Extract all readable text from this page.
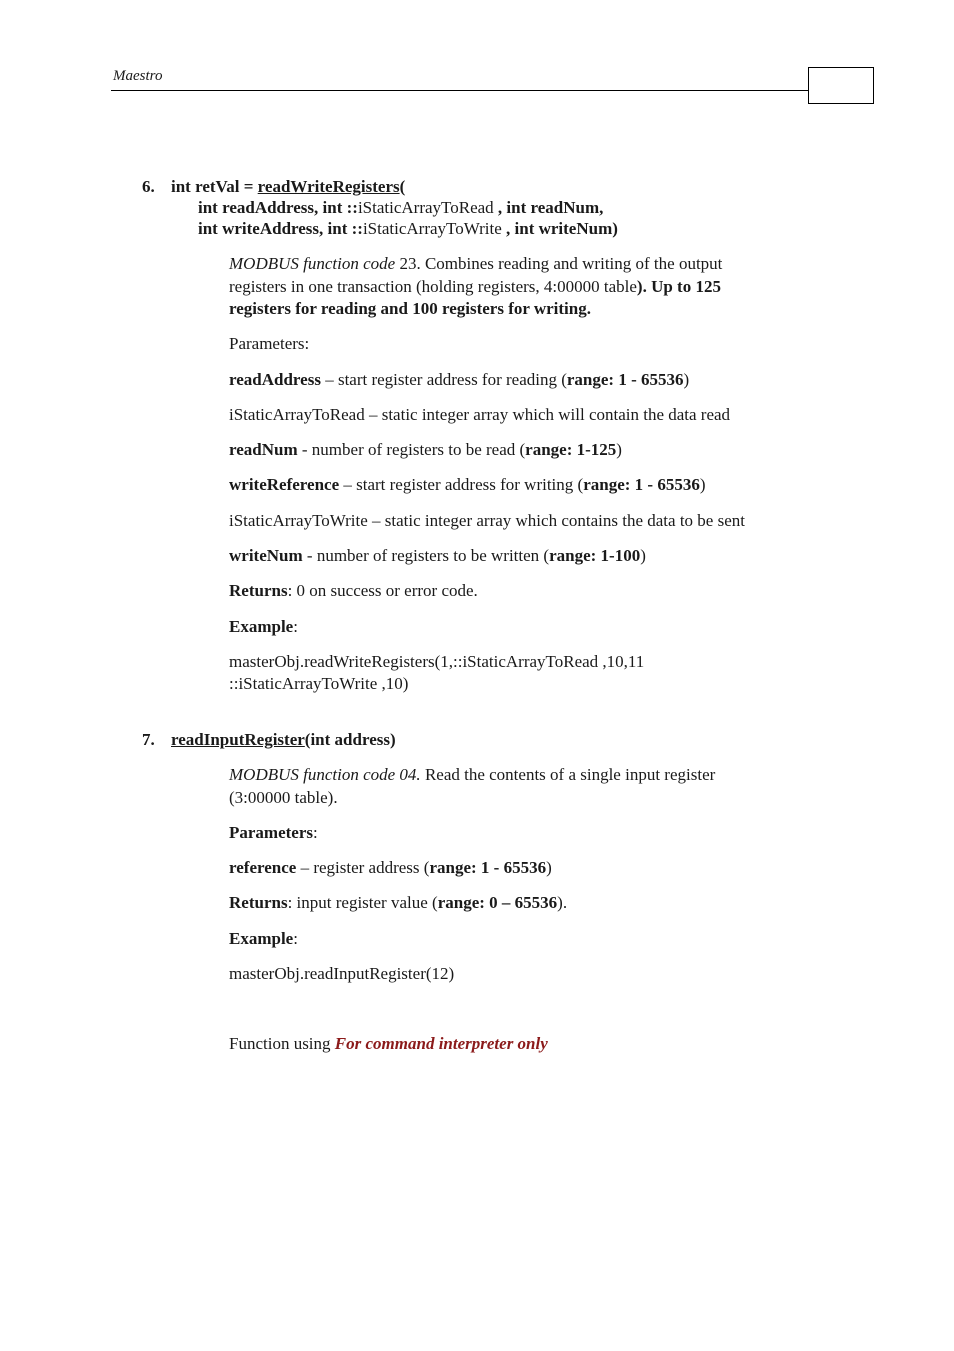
Maestro
6. int retVal = readWriteRegisters(
int readAddress, int ::iStaticArrayToRead , int readNum,
int writeAddress, int ::iStaticArrayToWrite , int writeNum)
MODBUS function code 23. Combines reading and writing of the output
registers in one transaction (holding registers, 4:00000 table). Up to 125
registers for reading and 100 registers for writing.
Parameters:
readAddress – start register address for reading (range: 1 - 65536)
iStaticArrayToRead – static integer array which will contain the data read
readNum - number of registers to be read (range: 1-125)
writeReference – start register address for writing (range: 1 - 65536)
iStaticArrayToWrite – static integer array which contains the data to be sent
writeNum - number of registers to be written (range: 1-100)
Returns: 0 on success or error code.
Example:
masterObj.readWriteRegisters(1,::iStaticArrayToRead ,10,11
::iStaticArrayToWrite ,10)
7. readInputRegister(int address)
MODBUS function code 04. Read the contents of a single input register
(3:00000 table).
Parameters:
reference – register address (range: 1 - 65536)
Returns: input register value (range: 0 – 65536).
Example:
masterObj.readInputRegister(12)
Function using For command interpreter only
